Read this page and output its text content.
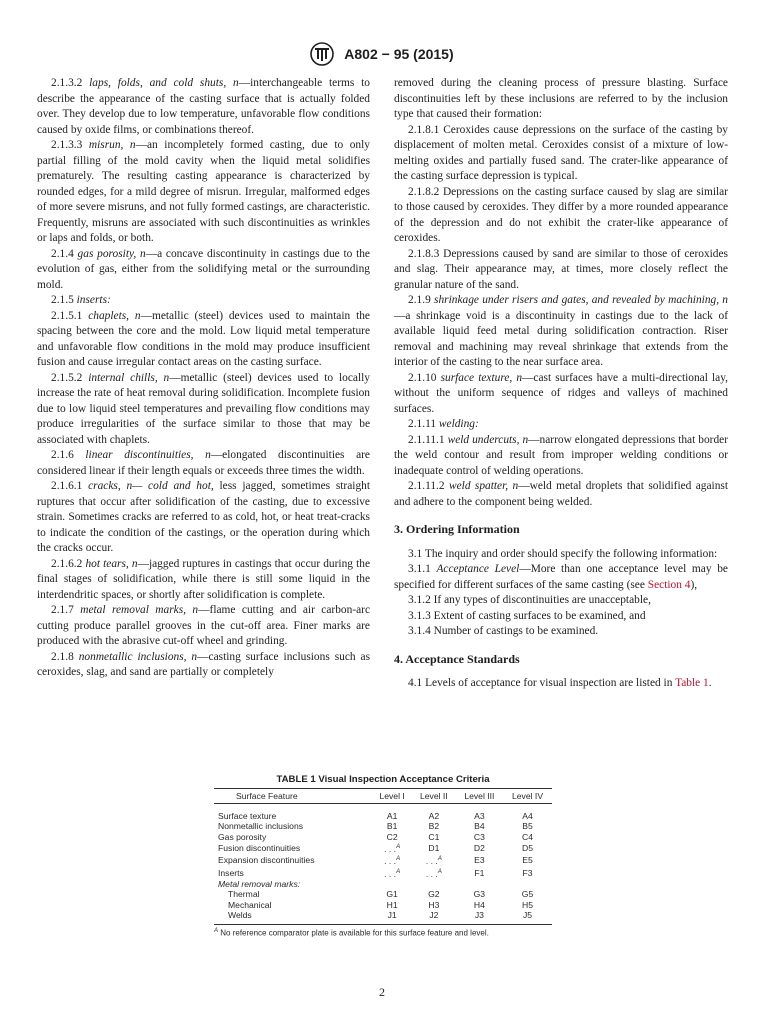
A802 − 95 (2015)

2.1.3.2 laps, folds, and cold shuts, n—interchangeable terms to describe the appearance of the casting surface that is actually folded over. They develop due to low temperature, unfavorable flow conditions caused by oxide films, or combinations thereof.

2.1.3.3 misrun, n—an incompletely formed casting, due to only partial filling of the mold cavity when the liquid metal solidifies prematurely. The resulting casting appearance is characterized by rounded edges, for a mild degree of misrun. Irregular, malformed edges of more severe misruns, and not fully formed castings, are characteristic. Frequently, misruns are associated with such discontinuities as wrinkles or laps and folds, or both.

2.1.4 gas porosity, n—a concave discontinuity in castings due to the evolution of gas, either from the solidifying metal or the surrounding mold.

2.1.5 inserts:

2.1.5.1 chaplets, n—metallic (steel) devices used to maintain the spacing between the core and the mold. Low liquid metal temperature and unfavorable flow conditions in the mold may produce insufficient fusion and cause irregular contact areas on the casting surface.

2.1.5.2 internal chills, n—metallic (steel) devices used to locally increase the rate of heat removal during solidification. Incomplete fusion due to low liquid steel temperatures and prevailing flow conditions may produce irregularities of the surface similar to those that may be associated with chaplets.

2.1.6 linear discontinuities, n—elongated discontinuities are considered linear if their length equals or exceeds three times the width.

2.1.6.1 cracks, n— cold and hot, less jagged, sometimes straight ruptures that occur after solidification of the casting, due to excessive strain. Sometimes cracks are referred to as cold, hot, or heat treat-cracks to indicate the condition of the castings, or the operation during which the cracks occur.

2.1.6.2 hot tears, n—jagged ruptures in castings that occur during the final stages of solidification, while there is still some liquid in the interdendritic spaces, or shortly after solidification is complete.

2.1.7 metal removal marks, n—flame cutting and air carbon-arc cutting produce parallel grooves in the cut-off area. Finer marks are produced with the abrasive cut-off wheel and grinding.

2.1.8 nonmetallic inclusions, n—casting surface inclusions such as ceroxides, slag, and sand are partially or completely

removed during the cleaning process of pressure blasting. Surface discontinuities left by these inclusions are referred to by the inclusion type that caused their formation:

2.1.8.1 Ceroxides cause depressions on the surface of the casting by displacement of molten metal. Ceroxides consist of a mixture of low-melting oxides and partially fused sand. The crater-like appearance of the casting surface depression is typical.

2.1.8.2 Depressions on the casting surface caused by slag are similar to those caused by ceroxides. They differ by a more rounded appearance of the depression and do not exhibit the crater-like appearance of ceroxides.

2.1.8.3 Depressions caused by sand are similar to those of ceroxides and slag. Their appearance may, at times, more closely reflect the granular nature of the sand.

2.1.9 shrinkage under risers and gates, and revealed by machining, n—a shrinkage void is a discontinuity in castings due to the lack of available liquid feed metal during solidification contraction. Riser removal and machining may reveal shrinkage that extends from the interior of the casting to the near surface area.

2.1.10 surface texture, n—cast surfaces have a multi-directional lay, without the uniform sequence of ridges and valleys of machined surfaces.

2.1.11 welding:

2.1.11.1 weld undercuts, n—narrow elongated depressions that border the weld contour and result from improper welding conditions or inadequate control of welding operations.

2.1.11.2 weld spatter, n—weld metal droplets that solidified against and adhere to the component being welded.

3. Ordering Information

3.1 The inquiry and order should specify the following information:

3.1.1 Acceptance Level—More than one acceptance level may be specified for different surfaces of the same casting (see Section 4),

3.1.2 If any types of discontinuities are unacceptable,

3.1.3 Extent of casting surfaces to be examined, and

3.1.4 Number of castings to be examined.

4. Acceptance Standards

4.1 Levels of acceptance for visual inspection are listed in Table 1.

TABLE 1 Visual Inspection Acceptance Criteria
Surface Feature	Level I	Level II	Level III	Level IV
Surface texture	A1	A2	A3	A4
Nonmetallic inclusions	B1	B2	B4	B5
Gas porosity	C2	C1	C3	C4
Fusion discontinuities	. . .$^A$	D1	D2	D5
Expansion discontinuities	. . .$^A$	. . .$^A$	E3	E5
Inserts	. . .$^A$	. . .$^A$	F1	F3
Metal removal marks:				
Thermal	G1	G2	G3	G5
Mechanical	H1	H3	H4	H5
Welds	J1	J2	J3	J5
$^A$ No reference comparator plate is available for this surface feature and level.
2
